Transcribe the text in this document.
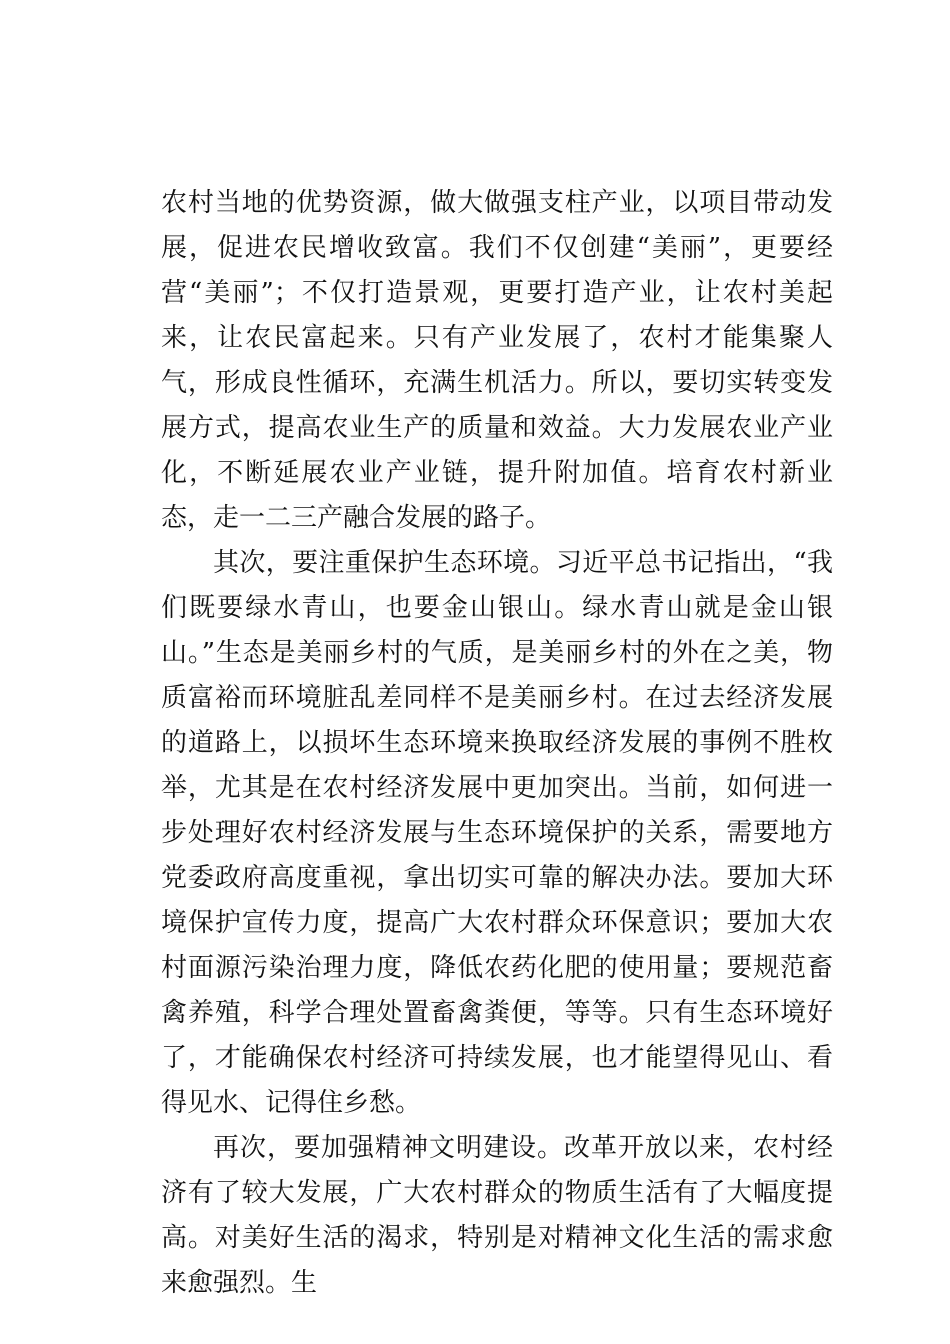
农村当地的优势资源，做大做强支柱产业，以项目带动发展，促进农民增收致富。我们不仅创建“美丽”，更要经营“美丽”；不仅打造景观，更要打造产业，让农村美起来，让农民富起来。只有产业发展了，农村才能集聚人气，形成良性循环，充满生机活力。所以，要切实转变发展方式，提高农业生产的质量和效益。大力发展农业产业化，不断延展农业产业链，提升附加值。培育农村新业态，走一二三产融合发展的路子。

其次，要注重保护生态环境。习近平总书记指出，“我们既要绿水青山，也要金山银山。绿水青山就是金山银山。”生态是美丽乡村的气质，是美丽乡村的外在之美，物质富裕而环境脏乱差同样不是美丽乡村。在过去经济发展的道路上，以损坏生态环境来换取经济发展的事例不胜枚举，尤其是在农村经济发展中更加突出。当前，如何进一步处理好农村经济发展与生态环境保护的关系，需要地方党委政府高度重视，拿出切实可靠的解决办法。要加大环境保护宣传力度，提高广大农村群众环保意识；要加大农村面源污染治理力度，降低农药化肥的使用量；要规范畜禽养殖，科学合理处置畜禽粪便，等等。只有生态环境好了，才能确保农村经济可持续发展，也才能望得见山、看得见水、记得住乡愁。

再次，要加强精神文明建设。改革开放以来，农村经济有了较大发展，广大农村群众的物质生活有了大幅度提高。对美好生活的渴求，特别是对精神文化生活的需求愈来愈强烈。生
